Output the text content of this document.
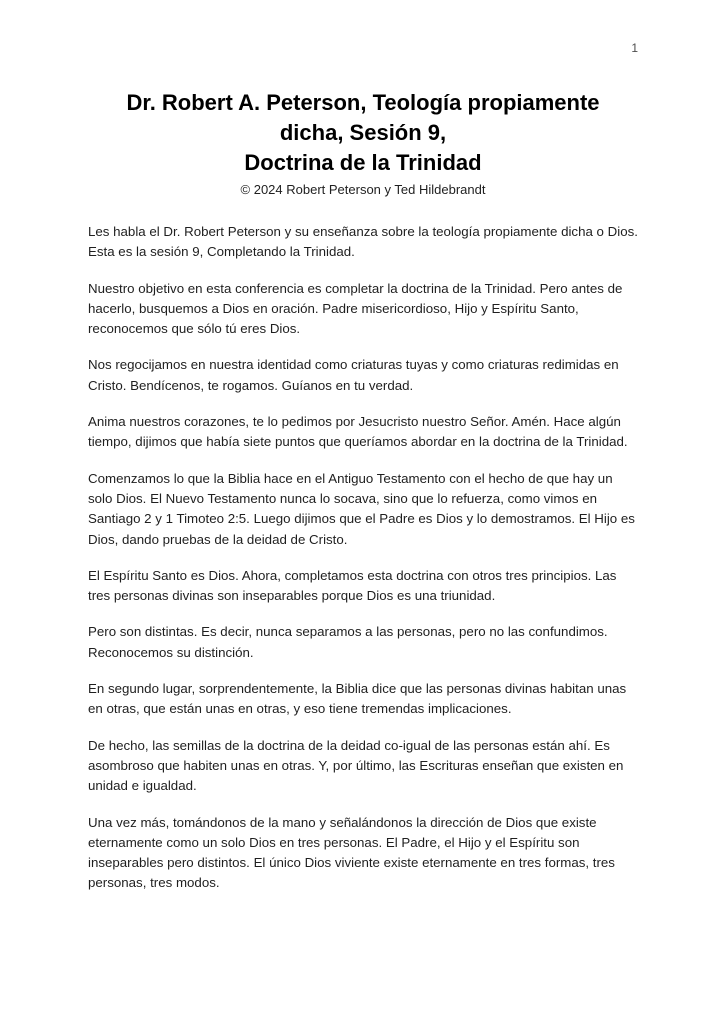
1
Dr. Robert A. Peterson, Teología propiamente
dicha, Sesión 9,
Doctrina de la Trinidad
© 2024 Robert Peterson y Ted Hildebrandt

Les habla el Dr. Robert Peterson y su enseñanza sobre la teología propiamente dicha o Dios. Esta es la sesión 9, Completando la Trinidad.

Nuestro objetivo en esta conferencia es completar la doctrina de la Trinidad. Pero antes de hacerlo, busquemos a Dios en oración. Padre misericordioso, Hijo y Espíritu Santo, reconocemos que sólo tú eres Dios.

Nos regocijamos en nuestra identidad como criaturas tuyas y como criaturas redimidas en Cristo. Bendícenos, te rogamos. Guíanos en tu verdad.

Anima nuestros corazones, te lo pedimos por Jesucristo nuestro Señor. Amén. Hace algún tiempo, dijimos que había siete puntos que queríamos abordar en la doctrina de la Trinidad.

Comenzamos lo que la Biblia hace en el Antiguo Testamento con el hecho de que hay un solo Dios. El Nuevo Testamento nunca lo socava, sino que lo refuerza, como vimos en Santiago 2 y 1 Timoteo 2:5. Luego dijimos que el Padre es Dios y lo demostramos. El Hijo es Dios, dando pruebas de la deidad de Cristo.

El Espíritu Santo es Dios. Ahora, completamos esta doctrina con otros tres principios. Las tres personas divinas son inseparables porque Dios es una triunidad.

Pero son distintas. Es decir, nunca separamos a las personas, pero no las confundimos. Reconocemos su distinción.

En segundo lugar, sorprendentemente, la Biblia dice que las personas divinas habitan unas en otras, que están unas en otras, y eso tiene tremendas implicaciones.

De hecho, las semillas de la doctrina de la deidad co-igual de las personas están ahí. Es asombroso que habiten unas en otras. Y, por último, las Escrituras enseñan que existen en unidad e igualdad.

Una vez más, tomándonos de la mano y señalándonos la dirección de Dios que existe eternamente como un solo Dios en tres personas. El Padre, el Hijo y el Espíritu son inseparables pero distintos. El único Dios viviente existe eternamente en tres formas, tres personas, tres modos.
